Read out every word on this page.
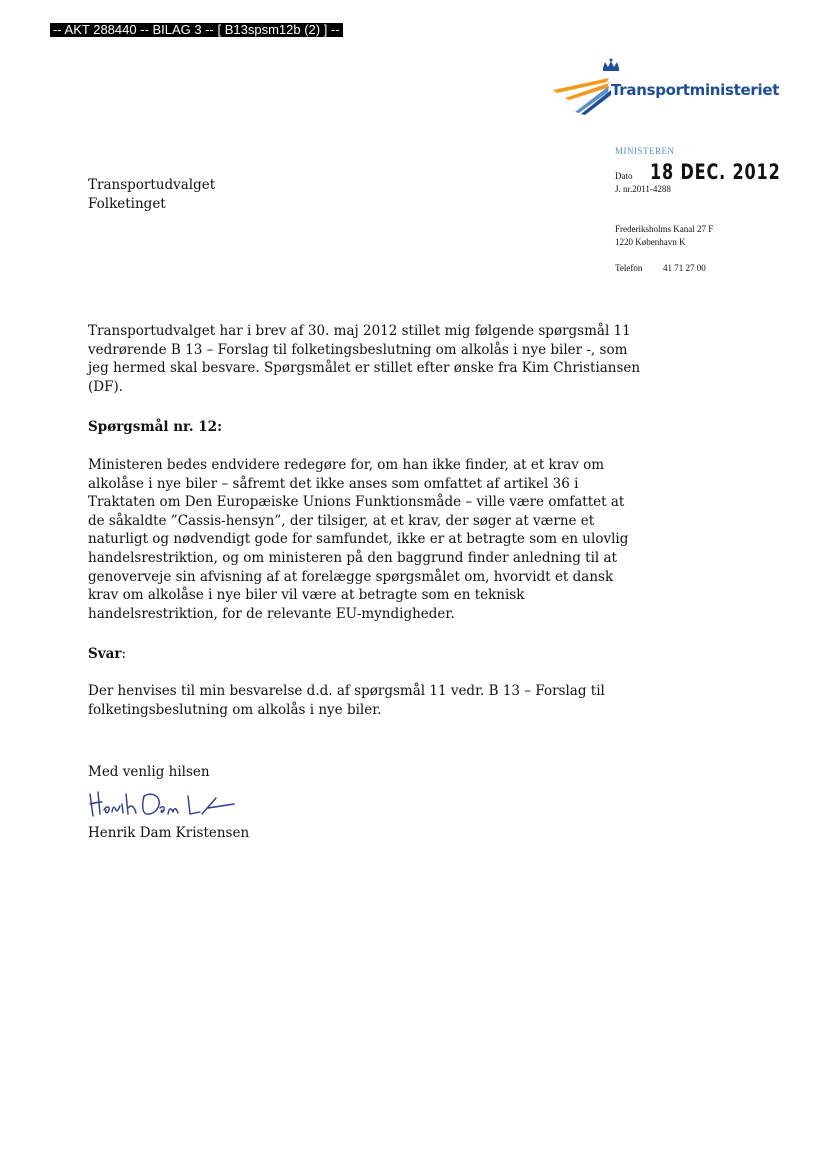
-- AKT 288440 -- BILAG 3 -- [ B13spsm12b (2) ] --
Transportministeriet
MINISTEREN
Dato 18 DEC. 2012
J. nr.2011-4288
Frederiksholms Kanal 27 F
1220 København K
Telefon 41 71 27 00
Transportudvalget
Folketinget
Transportudvalget har i brev af 30. maj 2012 stillet mig følgende spørgsmål 11
vedrørende B 13 – Forslag til folketingsbeslutning om alkolås i nye biler -, som
jeg hermed skal besvare. Spørgsmålet er stillet efter ønske fra Kim Christiansen
(DF).
Spørgsmål nr. 12:
Ministeren bedes endvidere redegøre for, om han ikke finder, at et krav om
alkolåse i nye biler – såfremt det ikke anses som omfattet af artikel 36 i
Traktaten om Den Europæiske Unions Funktionsmåde – ville være omfattet at
de såkaldte ”Cassis-hensyn”, der tilsiger, at et krav, der søger at værne et
naturligt og nødvendigt gode for samfundet, ikke er at betragte som en ulovlig
handelsrestriktion, og om ministeren på den baggrund finder anledning til at
genoverveje sin afvisning af at forelægge spørgsmålet om, hvorvidt et dansk
krav om alkolåse i nye biler vil være at betragte som en teknisk
handelsrestriktion, for de relevante EU-myndigheder.
Svar:
Der henvises til min besvarelse d.d. af spørgsmål 11 vedr. B 13 – Forslag til
folketingsbeslutning om alkolås i nye biler.
Med venlig hilsen
Henrik Dam Kristensen
